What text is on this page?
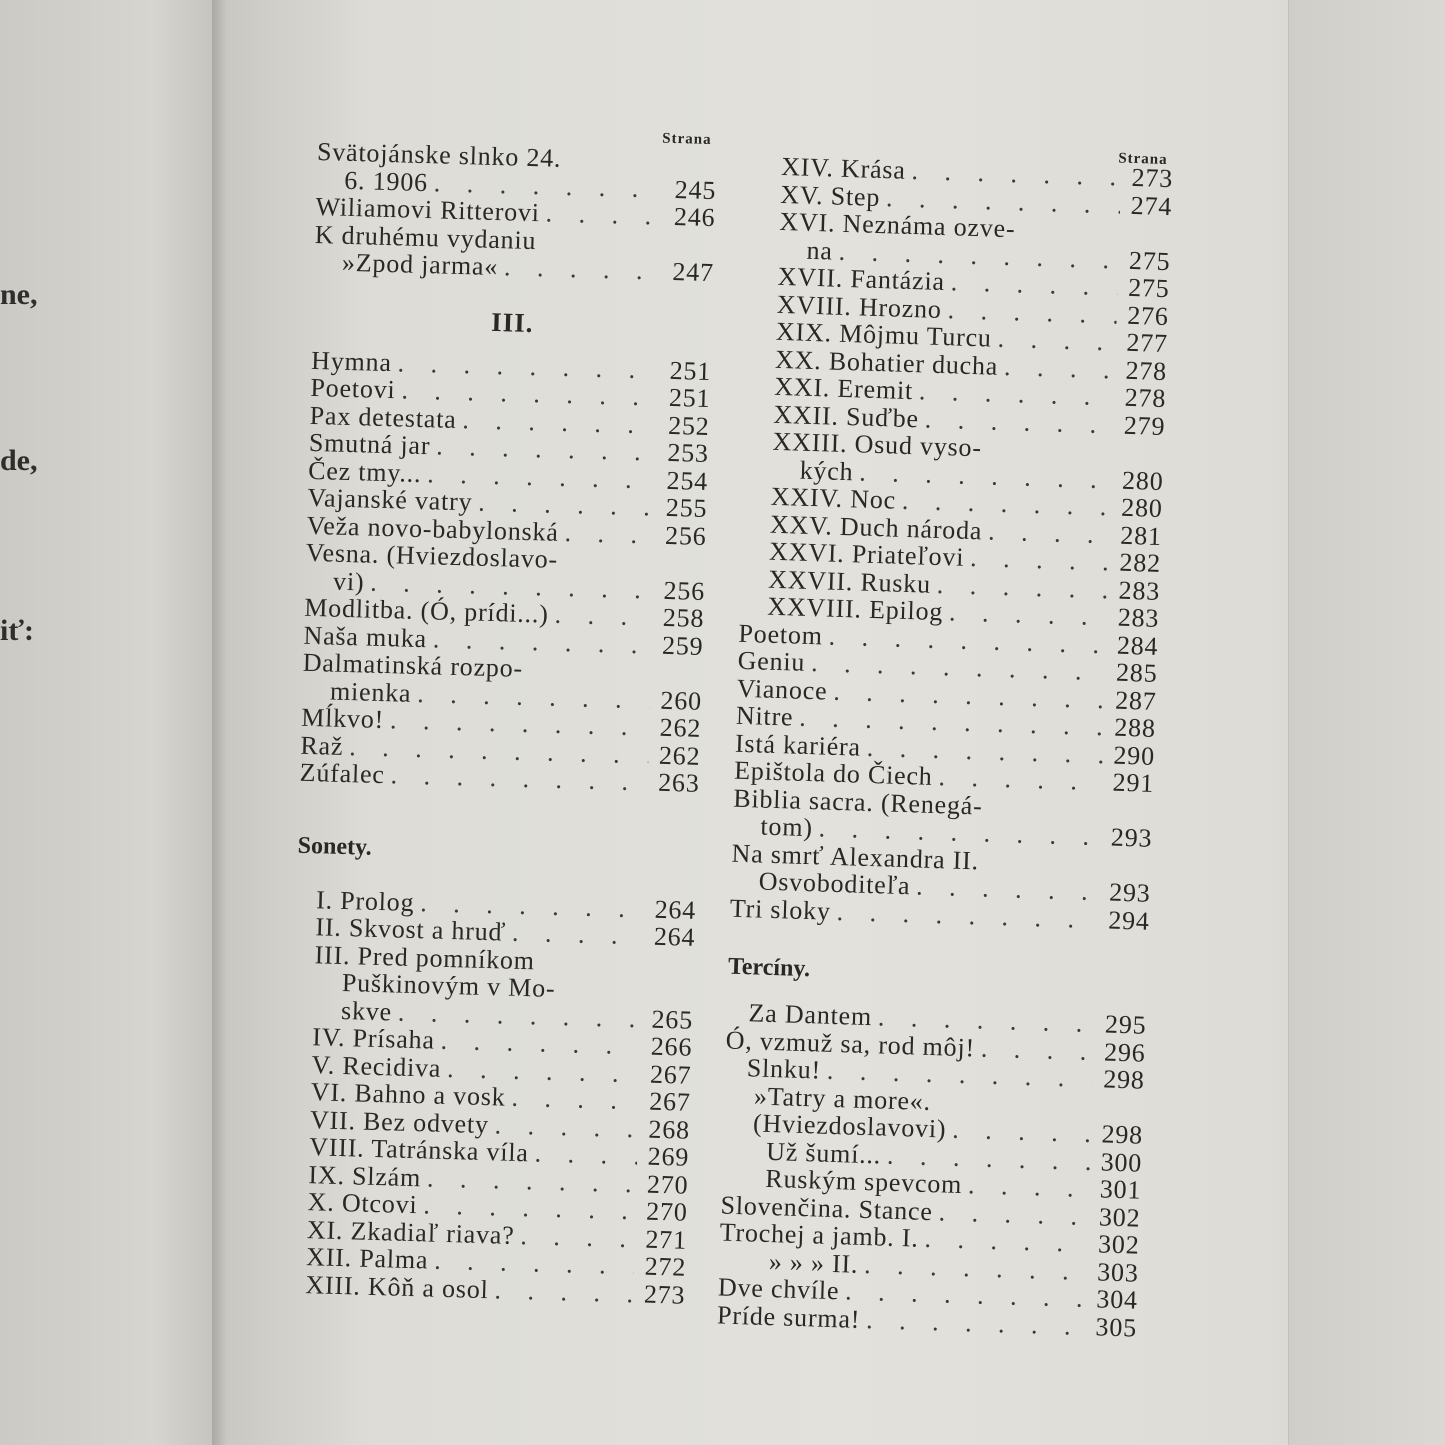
ne,
de,
iť:
Strana
Svätojánske slnko 24.
6. 1906 . . .	245
Wiliamovi Ritterovi . . .	246
K druhému vydaniu
»Zpod jarma« . . .	247
III.
Hymna . . .	251
Poetovi . . .	251
Pax detestata . . .	252
Smutná jar . . .	253
Čez tmy... . . .	254
Vajanské vatry . . .	255
Veža novo-babylonská . . .	256
Vesna. (Hviezdoslavo-
vi) . . .	256
Modlitba. (Ó, prídi...) . . .	258
Naša muka . . .	259
Dalmatinská rozpo-
mienka . . .	260
Mĺkvo! . . .	262
Raž . . .	262
Zúfalec . . .	263
Sonety.
I. Prolog . . .	264
II. Skvost a hruď . . .	264
III. Pred pomníkom
Puškinovým v Mo-
skve . . .	265
IV. Prísaha . . .	266
V. Recidiva . . .	267
VI. Bahno a vosk . . .	267
VII. Bez odvety . . .	268
VIII. Tatránska víla . . .	269
IX. Slzám . . .	270
X. Otcovi . . .	270
XI. Zkadiaľ riava? . . .	271
XII. Palma . . .	272
XIII. Kôň a osol . . .	273
Strana
XIV. Krása . . .	273
XV. Step . . .	274
XVI. Neznáma ozve-
na . . .	275
XVII. Fantázia . . .	275
XVIII. Hrozno . . .	276
XIX. Môjmu Turcu . . .	277
XX. Bohatier ducha . . .	278
XXI. Eremit . . .	278
XXII. Suďbe . . .	279
XXIII. Osud vyso-
kých . . .	280
XXIV. Noc . . .	280
XXV. Duch národa . . .	281
XXVI. Priateľovi . . .	282
XXVII. Rusku . . .	283
XXVIII. Epilog . . .	283
Poetom . . .	284
Geniu . . .	285
Vianoce . . .	287
Nitre . . .	288
Istá kariéra . . .	290
Epištola do Čiech . . .	291
Biblia sacra. (Renegá-
tom) . . .	293
Na smrť Alexandra II.
Osvoboditeľa . . .	293
Tri sloky . . .	294
Tercíny.
Za Dantem . . .	295
Ó, vzmuž sa, rod môj! . . .	296
Slnku! . . .	298
»Tatry a more«.
(Hviezdoslavovi) . . .	298
Už šumí... . . .	300
Ruským spevcom . . .	301
Slovenčina. Stance . . .	302
Trochej a jamb. I. . . .	302
» » » II. . . .	303
Dve chvíle . . .	304
Príde surma! . . .	305
